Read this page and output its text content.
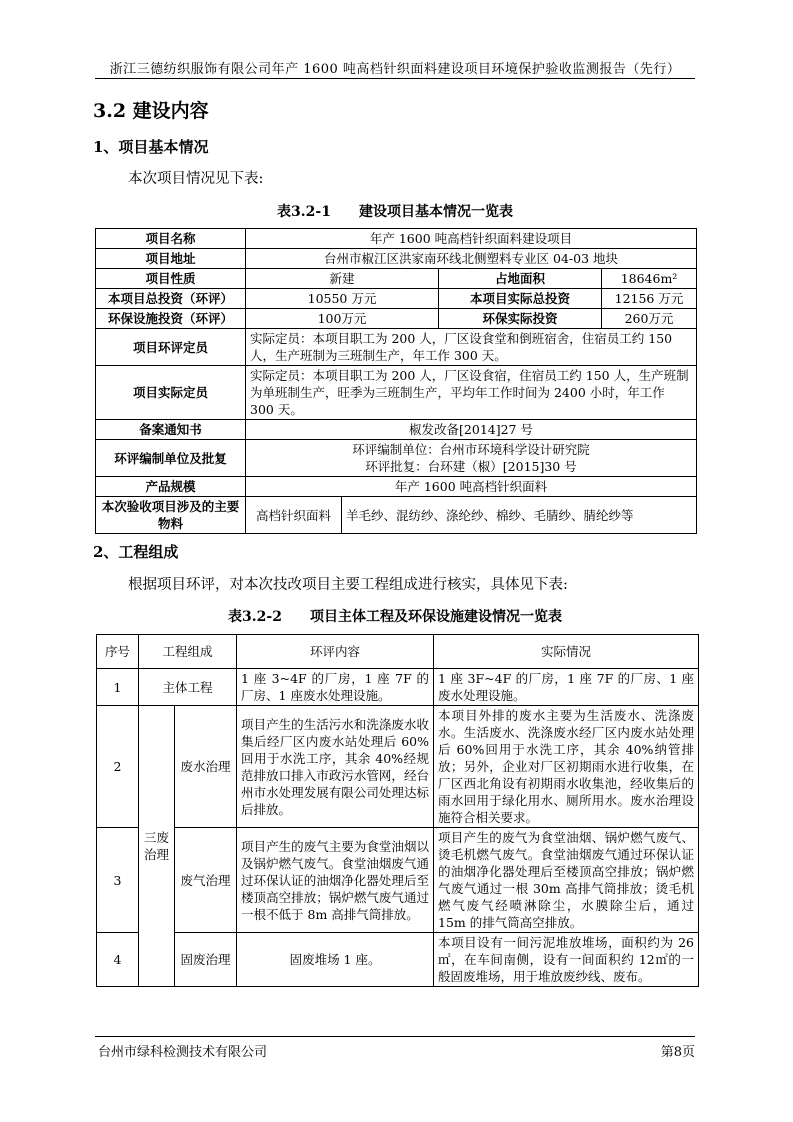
浙江三德纺织服饰有限公司年产 1600 吨高档针织面料建设项目环境保护验收监测报告（先行）
3.2 建设内容
1、项目基本情况
本次项目情况见下表:
表3.2-1　　建设项目基本情况一览表
项目名称	年产 1600 吨高档针织面料建设项目			
项目地址	台州市椒江区洪家南环线北侧塑料专业区 04-03 地块			
项目性质	新建		占地面积	18646m²
本项目总投资（环评）	10550 万元		本项目实际总投资	12156 万元
环保设施投资（环评）	100万元		环保实际投资	260万元
项目环评定员	实际定员：本项目职工为 200 人，厂区设食堂和倒班宿舍，住宿员工约 150 人，生产班制为三班制生产，年工作 300 天。			
项目实际定员	实际定员：本项目职工为 200 人，厂区设食宿，住宿员工约 150 人，生产班制为单班制生产，旺季为三班制生产，平均年工作时间为 2400 小时，年工作 300 天。			
备案通知书	椒发改备[2014]27 号			
环评编制单位及批复	环评编制单位：台州市环境科学设计研究院
环评批复：台环建（椒）[2015]30 号			

产品规模	年产 1600 吨高档针织面料			
本次验收项目涉及的主要物料	高档针织面料	羊毛纱、混纺纱、涤纶纱、棉纱、毛腈纱、腈纶纱等		
2、工程组成
根据项目环评，对本次技改项目主要工程组成进行核实，具体见下表:
表3.2-2　　项目主体工程及环保设施建设情况一览表
序号	工程组成		环评内容	实际情况
1	主体工程		1 座 3~4F 的厂房，1 座 7F 的厂房、1 座废水处理设施。	1 座 3F~4F 的厂房，1 座 7F 的厂房、1 座废水处理设施。
2	三废治理	废水治理	项目产生的生活污水和洗涤废水收集后经厂区内废水站处理后 60%回用于水洗工序，其余 40%经规范排放口排入市政污水管网，经台州市水处理发展有限公司处理达标后排放。	本项目外排的废水主要为生活废水、洗涤废水。生活废水、洗涤废水经厂区内废水站处理后 60%回用于水洗工序，其余 40%纳管排放；另外，企业对厂区初期雨水进行收集，在厂区西北角设有初期雨水收集池，经收集后的雨水回用于绿化用水、厕所用水。废水治理设施符合相关要求。
3		废气治理	项目产生的废气主要为食堂油烟以及锅炉燃气废气。食堂油烟废气通过环保认证的油烟净化器处理后至楼顶高空排放；锅炉燃气废气通过一根不低于 8m 高排气筒排放。	项目产生的废气为食堂油烟、锅炉燃气废气、烫毛机燃气废气。食堂油烟废气通过环保认证的油烟净化器处理后至楼顶高空排放；锅炉燃气废气通过一根 30m 高排气筒排放；烫毛机燃气废气经喷淋除尘，水膜除尘后，通过 15m 的排气筒高空排放。
4		固废治理	固废堆场 1 座。	本项目设有一间污泥堆放堆场，面积约为 26㎡，在车间南侧，设有一间面积约 12㎡的一般固废堆场，用于堆放废纱线、废布。
台州市绿科检测技术有限公司	第8页
